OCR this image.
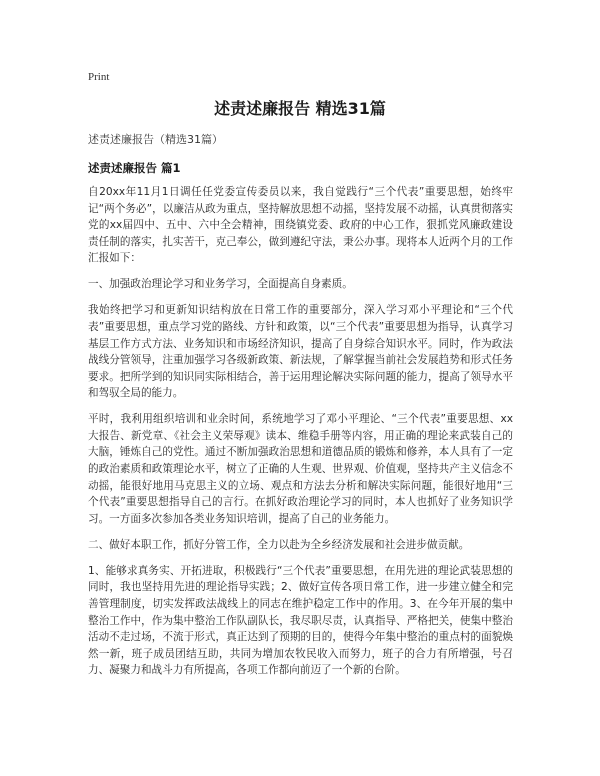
Print

述责述廉报告 精选31篇

述责述廉报告（精选31篇）

述责述廉报告 篇1

自20xx年11月1日调任任党委宣传委员以来，我自觉践行“三个代表”重要思想，始终牢记“两个务必”，以廉洁从政为重点，坚持解放思想不动摇，坚持发展不动摇，认真贯彻落实党的xx届四中、五中、六中全会精神，围绕镇党委、政府的中心工作，狠抓党风廉政建设责任制的落实，扎实苦干，克己奉公，做到遵纪守法，秉公办事。现将本人近两个月的工作汇报如下：

一、加强政治理论学习和业务学习，全面提高自身素质。

我始终把学习和更新知识结构放在日常工作的重要部分，深入学习邓小平理论和“三个代表”重要思想，重点学习党的路线、方针和政策，以“三个代表”重要思想为指导，认真学习基层工作方式方法、业务知识和市场经济知识，提高了自身综合知识水平。同时，作为政法战线分管领导，注重加强学习各级新政策、新法规，了解掌握当前社会发展趋势和形式任务要求。把所学到的知识同实际相结合，善于运用理论解决实际问题的能力，提高了领导水平和驾驭全局的能力。

平时，我利用组织培训和业余时间，系统地学习了邓小平理论、“三个代表”重要思想、xx大报告、新党章、《社会主义荣辱观》读本、维稳手册等内容，用正确的理论来武装自己的大脑，锤炼自己的党性。通过不断加强政治思想和道德品质的锻炼和修养，本人具有了一定的政治素质和政策理论水平，树立了正确的人生观、世界观、价值观，坚持共产主义信念不动摇，能很好地用马克思主义的立场、观点和方法去分析和解决实际问题，能很好地用“三个代表”重要思想指导自己的言行。在抓好政治理论学习的同时，本人也抓好了业务知识学习。一方面多次参加各类业务知识培训，提高了自己的业务能力。

二、做好本职工作，抓好分管工作，全力以赴为全乡经济发展和社会进步做贡献。

1、能够求真务实、开拓进取，积极践行“三个代表”重要思想，在用先进的理论武装思想的同时，我也坚持用先进的理论指导实践；2、做好宣传各项日常工作，进一步建立健全和完善管理制度，切实发挥政法战线上的同志在维护稳定工作中的作用。3、在今年开展的集中整治工作中，作为集中整治工作队副队长，我尽职尽责，认真指导、严格把关，使集中整治活动不走过场，不流于形式，真正达到了预期的目的，使得今年集中整治的重点村的面貌焕然一新，班子成员团结互助，共同为增加农牧民收入而努力，班子的合力有所增强，号召力、凝聚力和战斗力有所提高，各项工作都向前迈了一个新的台阶。
